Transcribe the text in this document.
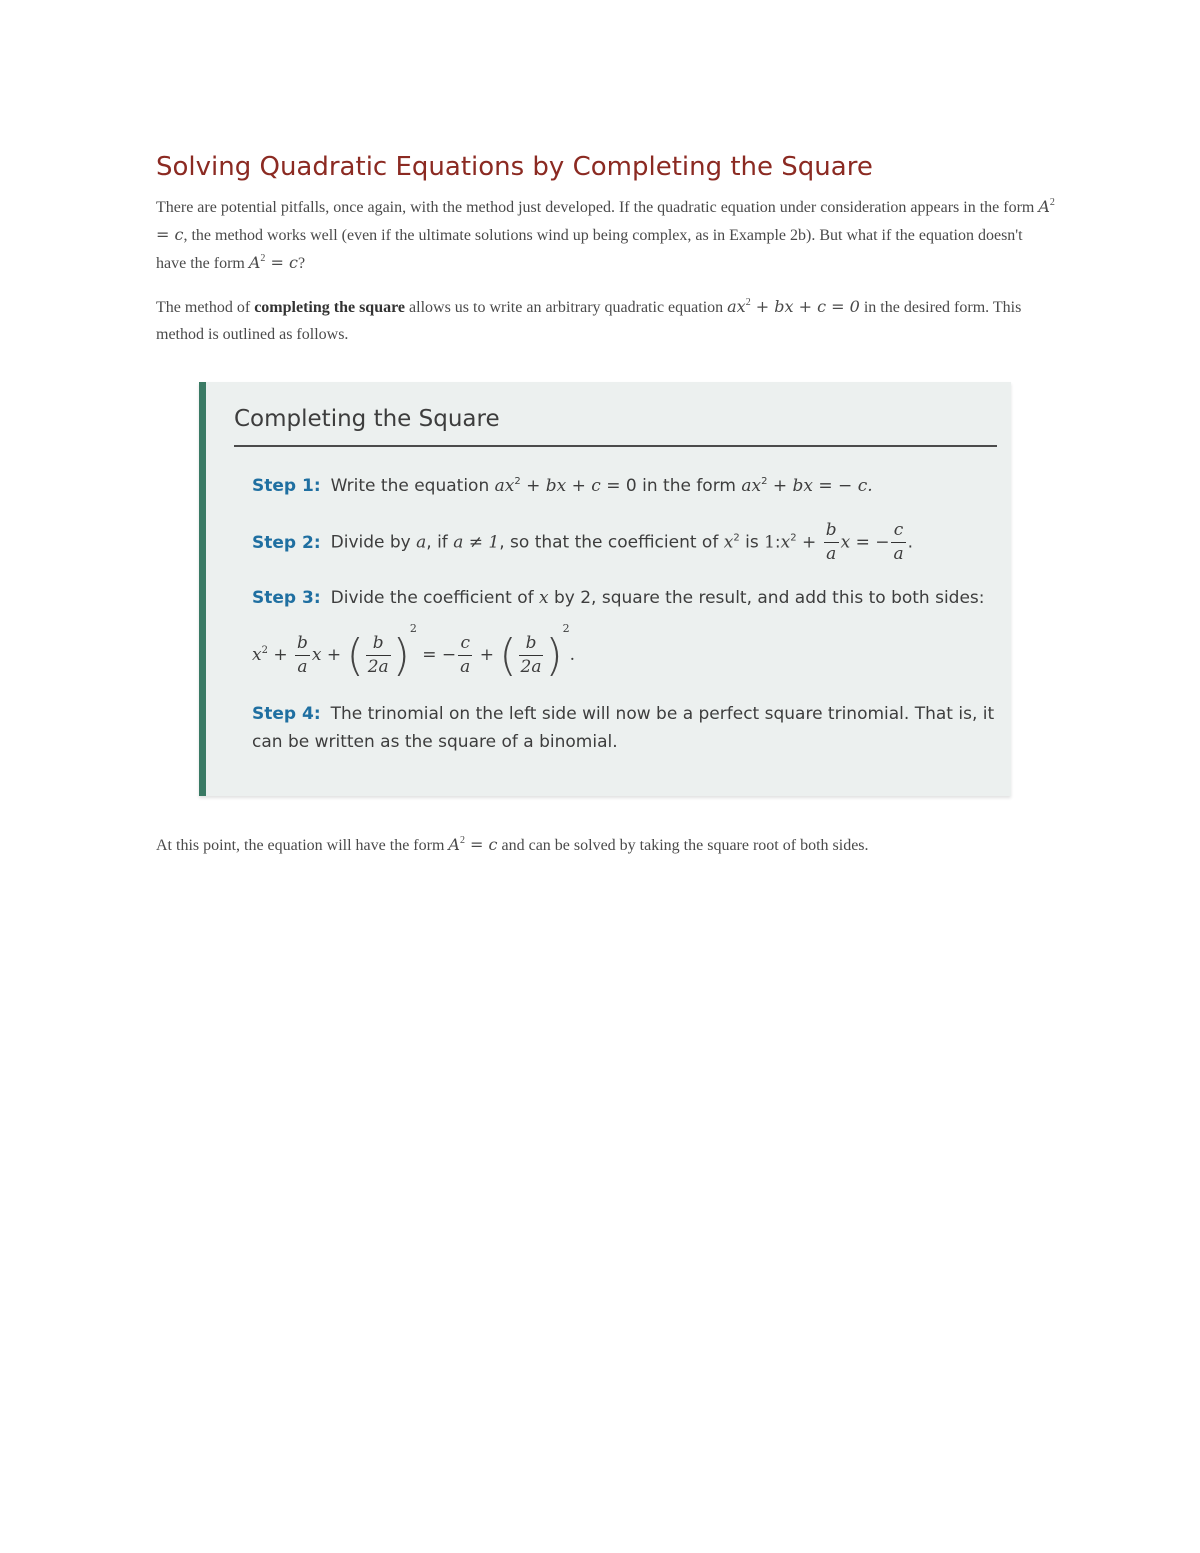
Solving Quadratic Equations by Completing the Square
There are potential pitfalls, once again, with the method just developed. If the quadratic equation under consideration appears in the form $A^2 = c$, the method works well (even if the ultimate solutions wind up being complex, as in Example 2b). But what if the equation doesn't have the form $A^2 = c$?
The method of completing the square allows us to write an arbitrary quadratic equation $ax^2$ + bx + c = 0 in the desired form. This method is outlined as follows.
Completing the Square
Step 1: Write the equation $ax^2$ + bx + c = 0 in the form $ax^2$ + bx = − c.
Step 2: Divide by a, if a ≠ 1, so that the coefficient of $x^2$ is $1:x^2 + \frac{b}{a}$ x = − $\frac{c}{a}$ .
Step 3: Divide the coefficient of x by 2, square the result, and add this to both sides:
$x^2 + \frac{b}{a}$ x + ( $\frac{b}{2a} )^2$ = − $\frac{c}{a}$ + ( $\frac{b}{2a} )^2$.
Step 4: The trinomial on the left side will now be a perfect square trinomial. That is, it can be written as the square of a binomial.
At this point, the equation will have the form $A^2 = c$ and can be solved by taking the square root of both sides.
